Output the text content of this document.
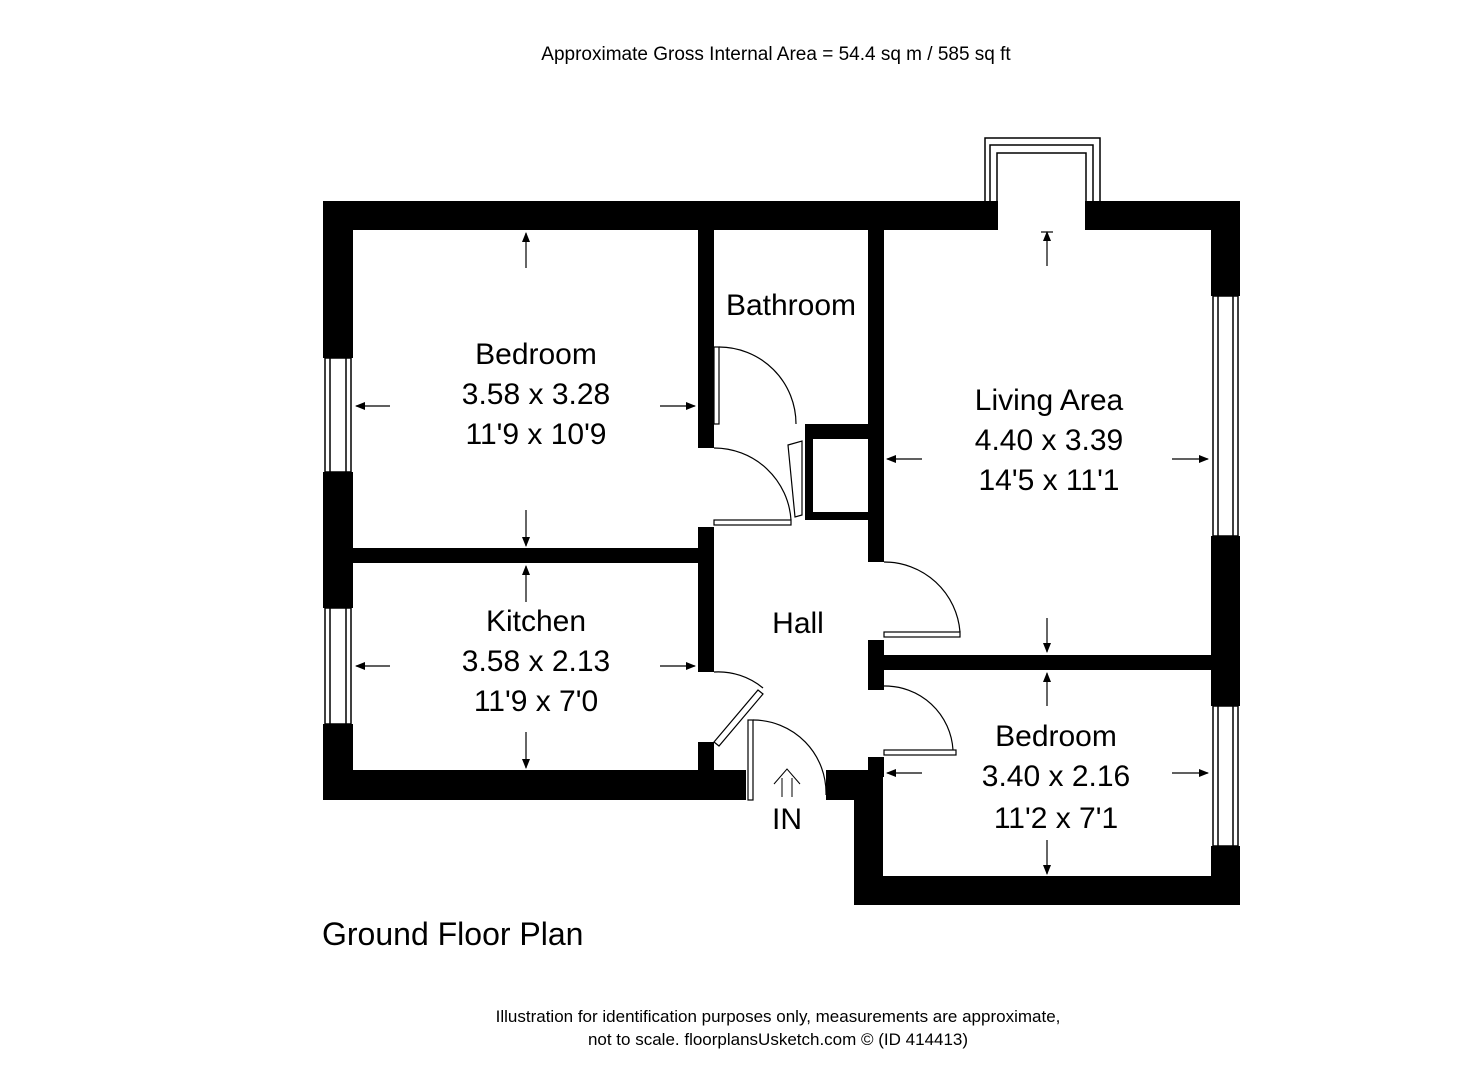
Approximate Gross Internal Area = 54.4 sq m / 585 sq ft
Bedroom
3.58 x 3.28
11'9 x 10'9
Bathroom
Living Area
4.40 x 3.39
14'5 x 11'1
Kitchen
3.58 x 2.13
11'9 x 7'0
Hall
Bedroom
3.40 x 2.16
11'2 x 7'1
IN
Ground Floor Plan
Illustration for identification purposes only, measurements are approximate,
not to scale. floorplansUsketch.com © (ID 414413)
